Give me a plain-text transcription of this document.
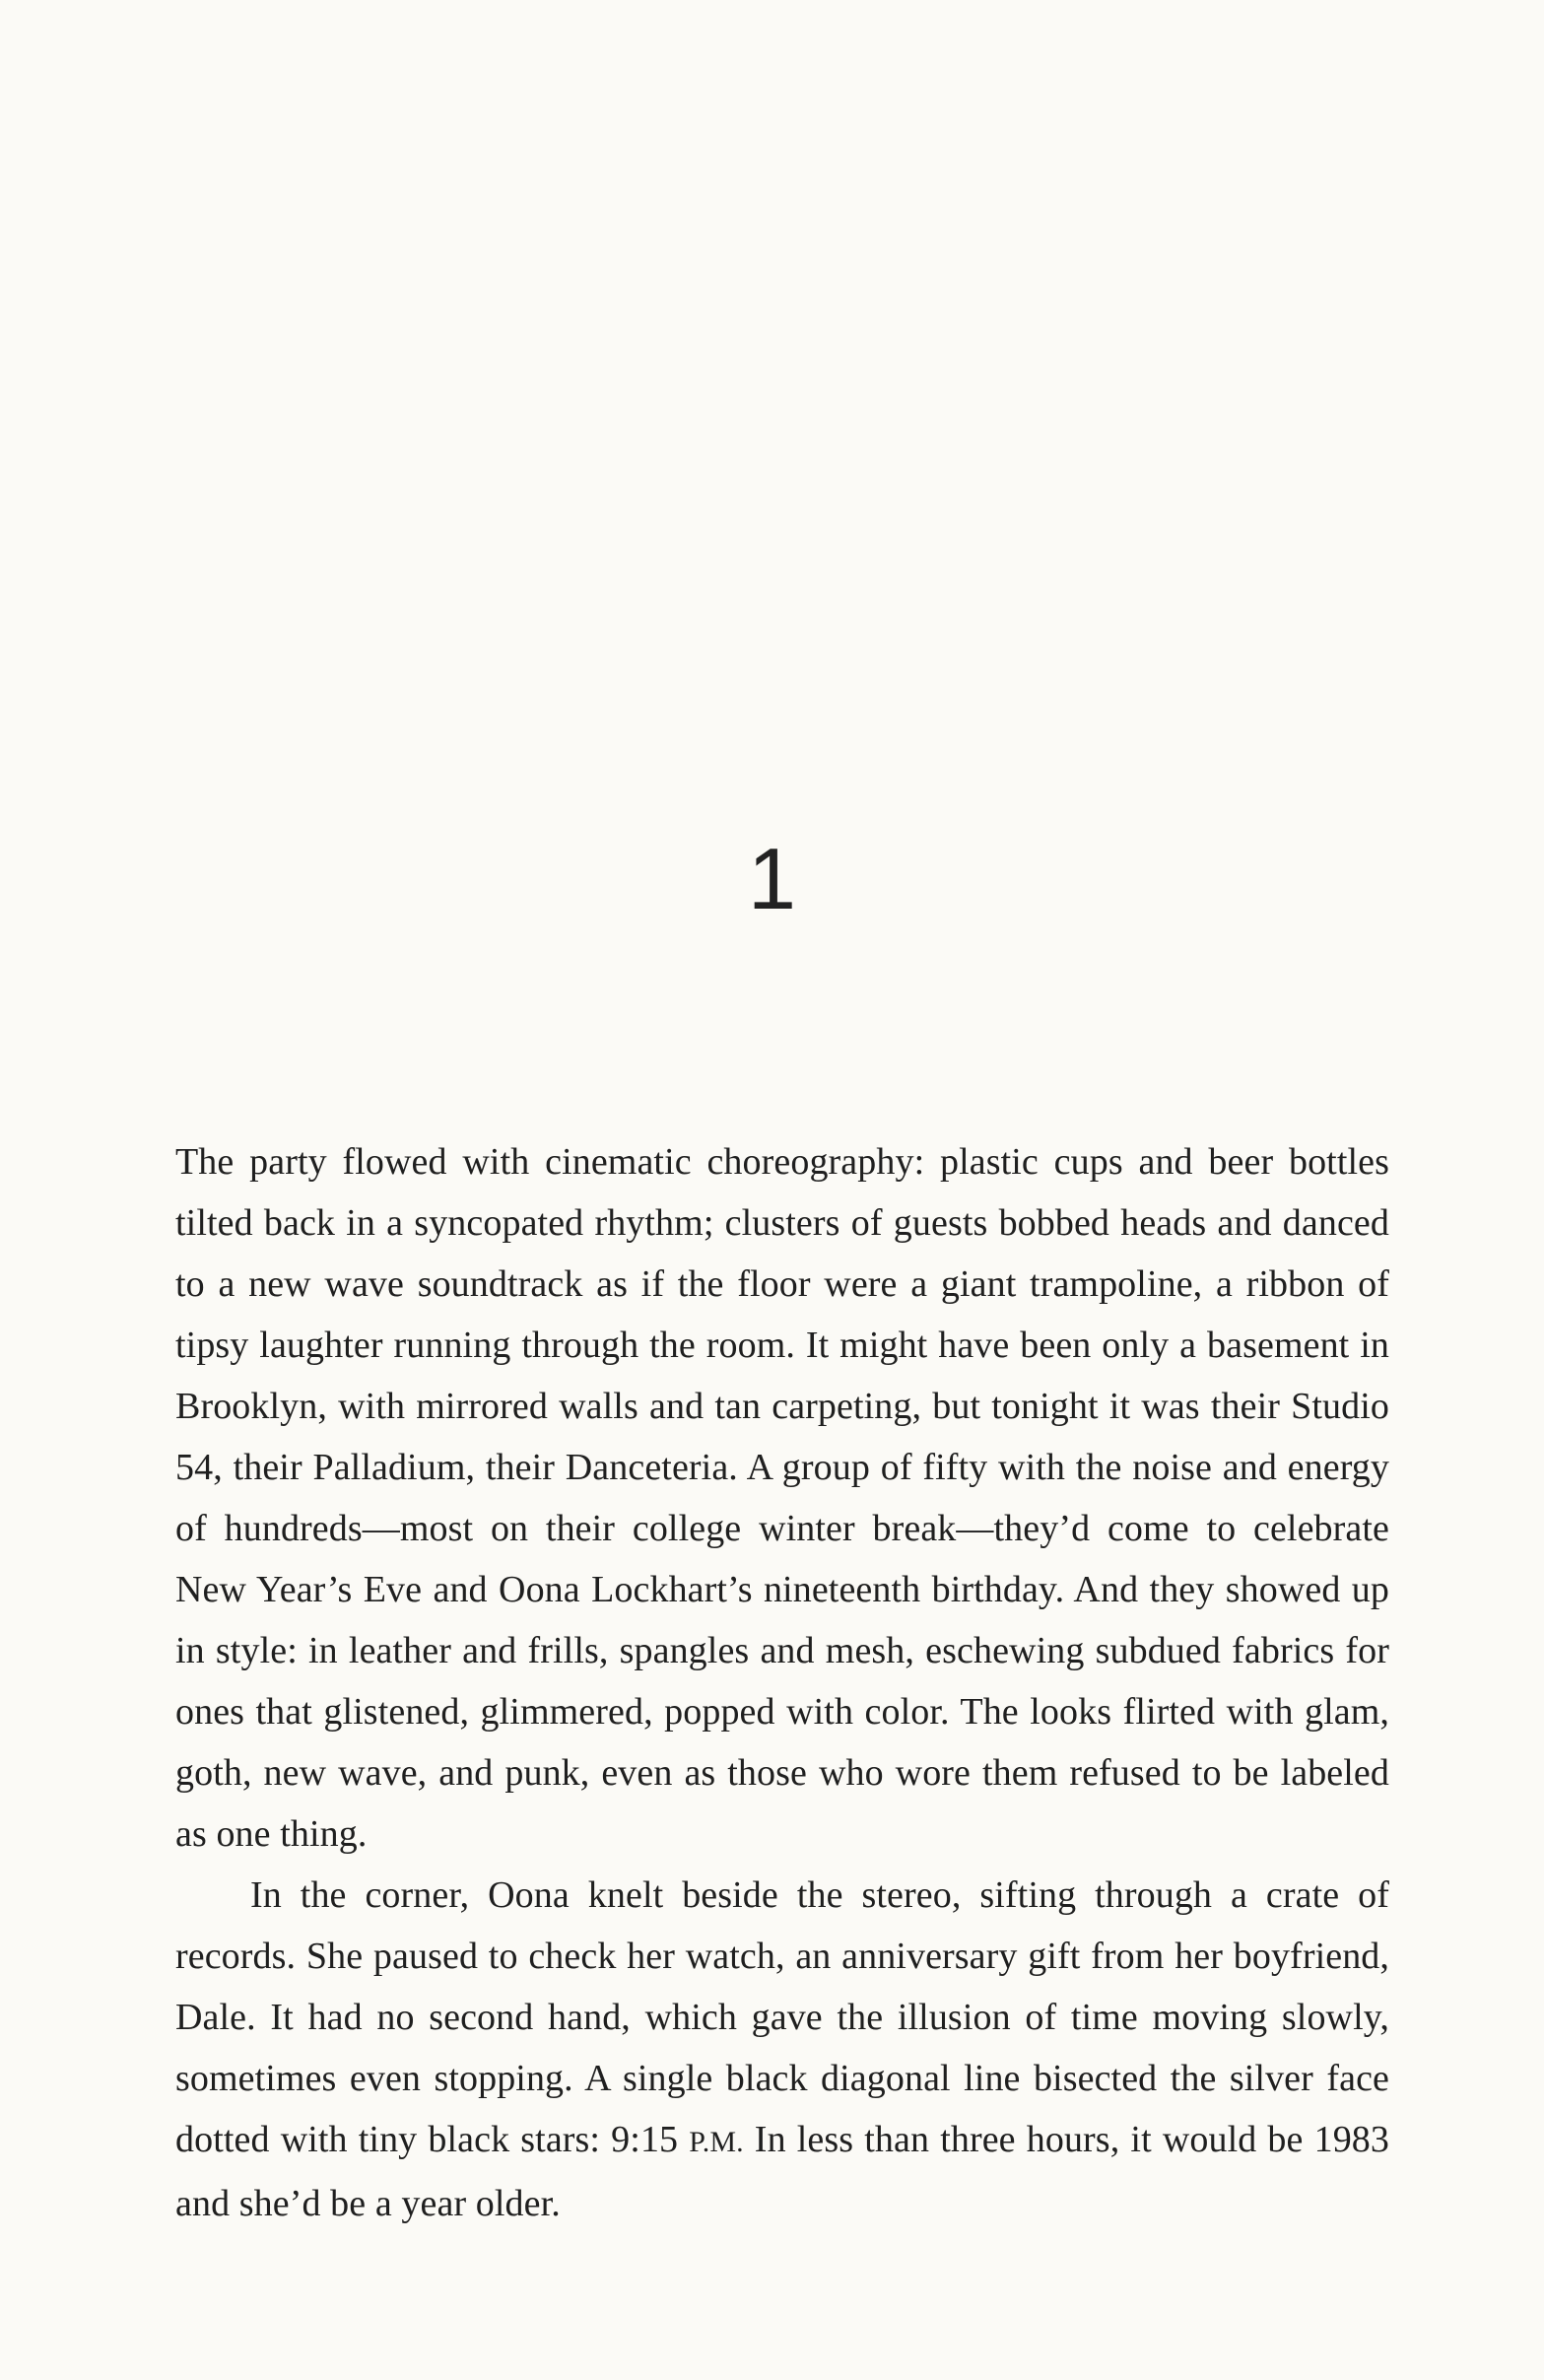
1

The party flowed with cinematic choreography: plastic cups and beer bottles tilted back in a syncopated rhythm; clusters of guests bobbed heads and danced to a new wave soundtrack as if the floor were a giant trampoline, a ribbon of tipsy laughter running through the room. It might have been only a basement in Brooklyn, with mirrored walls and tan carpeting, but tonight it was their Studio 54, their Palladium, their Danceteria. A group of fifty with the noise and energy of hundreds—most on their college winter break—they’d come to celebrate New Year’s Eve and Oona Lockhart’s nineteenth birthday. And they showed up in style: in leather and frills, spangles and mesh, eschewing subdued fabrics for ones that glistened, glimmered, popped with color. The looks flirted with glam, goth, new wave, and punk, even as those who wore them refused to be labeled as one thing.

In the corner, Oona knelt beside the stereo, sifting through a crate of records. She paused to check her watch, an anniversary gift from her boyfriend, Dale. It had no second hand, which gave the illusion of time moving slowly, sometimes even stopping. A single black diagonal line bisected the silver face dotted with tiny black stars: 9:15 P.M. In less than three hours, it would be 1983 and she’d be a year older.
